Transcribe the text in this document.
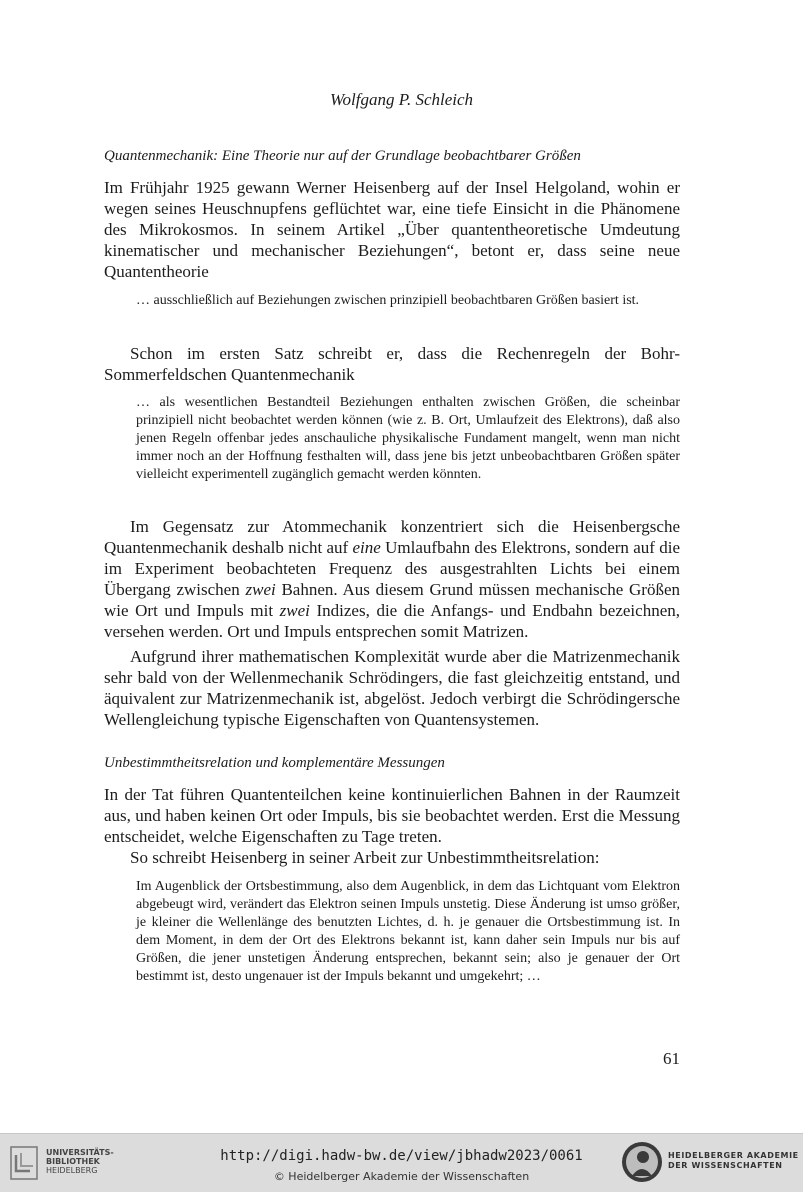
Wolfgang P. Schleich
Quantenmechanik: Eine Theorie nur auf der Grundlage beobachtbarer Größen

Im Frühjahr 1925 gewann Werner Heisenberg auf der Insel Helgoland, wohin er wegen seines Heuschnupfens geflüchtet war, eine tiefe Einsicht in die Phänomene des Mikrokosmos. In seinem Artikel „Über quantentheoretische Umdeutung kinematischer und mechanischer Beziehungen“, betont er, dass seine neue Quantentheorie

… ausschließlich auf Beziehungen zwischen prinzipiell beobachtbaren Größen basiert ist.

Schon im ersten Satz schreibt er, dass die Rechenregeln der Bohr-Sommerfeldschen Quantenmechanik

… als wesentlichen Bestandteil Beziehungen enthalten zwischen Größen, die scheinbar prinzipiell nicht beobachtet werden können (wie z. B. Ort, Umlaufzeit des Elektrons), daß also jenen Regeln offenbar jedes anschauliche physikalische Fundament mangelt, wenn man nicht immer noch an der Hoffnung festhalten will, dass jene bis jetzt unbeobachtbaren Größen später vielleicht experimentell zugänglich gemacht werden könnten.

Im Gegensatz zur Atommechanik konzentriert sich die Heisenbergsche Quantenmechanik deshalb nicht auf eine Umlaufbahn des Elektrons, sondern auf die im Experiment beobachteten Frequenz des ausgestrahlten Lichts bei einem Übergang zwischen zwei Bahnen. Aus diesem Grund müssen mechanische Größen wie Ort und Impuls mit zwei Indizes, die die Anfangs- und Endbahn bezeichnen, versehen werden. Ort und Impuls entsprechen somit Matrizen.

Aufgrund ihrer mathematischen Komplexität wurde aber die Matrizenmechanik sehr bald von der Wellenmechanik Schrödingers, die fast gleichzeitig entstand, und äquivalent zur Matrizenmechanik ist, abgelöst. Jedoch verbirgt die Schrödingersche Wellengleichung typische Eigenschaften von Quantensystemen.

Unbestimmtheitsrelation und komplementäre Messungen

In der Tat führen Quantenteilchen keine kontinuierlichen Bahnen in der Raumzeit aus, und haben keinen Ort oder Impuls, bis sie beobachtet werden. Erst die Messung entscheidet, welche Eigenschaften zu Tage treten.

So schreibt Heisenberg in seiner Arbeit zur Unbestimmtheitsrelation:

Im Augenblick der Ortsbestimmung, also dem Augenblick, in dem das Lichtquant vom Elektron abgebeugt wird, verändert das Elektron seinen Impuls unstetig. Diese Änderung ist umso größer, je kleiner die Wellenlänge des benutzten Lichtes, d. h. je genauer die Ortsbestimmung ist. In dem Moment, in dem der Ort des Elektrons bekannt ist, kann daher sein Impuls nur bis auf Größen, die jener unstetigen Änderung entsprechen, bekannt sein; also je genauer der Ort bestimmt ist, desto ungenauer ist der Impuls bekannt und umgekehrt; …
61
UNIVERSITÄTS-
BIBLIOTHEK
HEIDELBERG
http://digi.hadw-bw.de/view/jbhadw2023/0061
© Heidelberger Akademie der Wissenschaften
HEIDELBERGER AKADEMIE
DER WISSENSCHAFTEN
